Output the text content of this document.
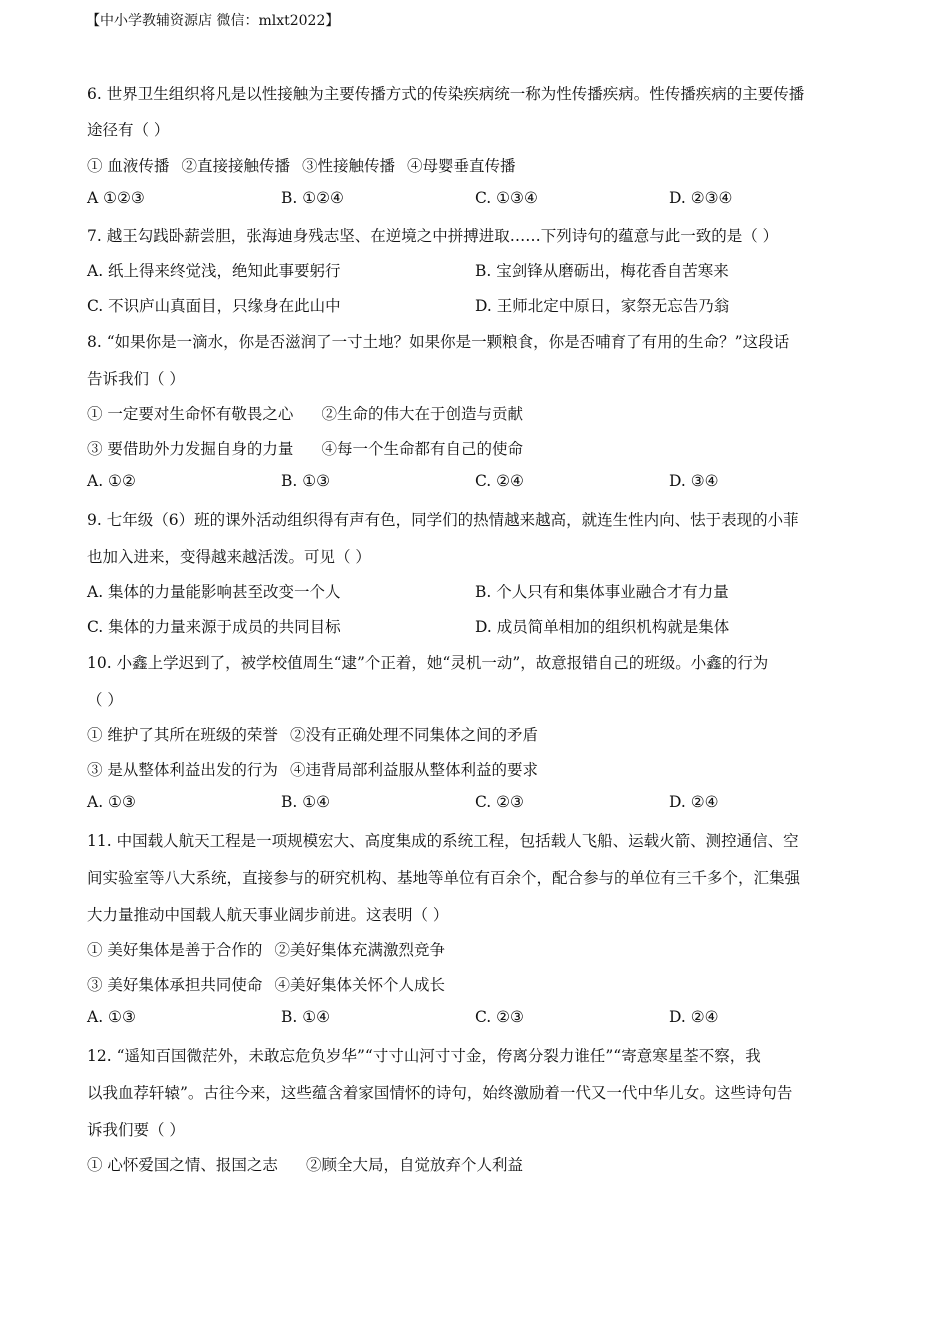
【中小学教辅资源店 微信：mlxt2022】
6. 世界卫生组织将凡是以性接触为主要传播方式的传染疾病统一称为性传播疾病。性传播疾病的主要传播
途径有（ ）
① 血液传播 ②直接接触传播 ③性接触传播 ④母婴垂直传播
A ①②③	B. ①②④	C. ①③④	D. ②③④
7. 越王勾践卧薪尝胆，张海迪身残志坚、在逆境之中拼搏进取……下列诗句的蕴意与此一致的是（ ）
A. 纸上得来终觉浅，绝知此事要躬行	B. 宝剑锋从磨砺出，梅花香自苦寒来
C. 不识庐山真面目，只缘身在此山中	D. 王师北定中原日，家祭无忘告乃翁
8. “如果你是一滴水，你是否滋润了一寸土地？如果你是一颗粮食，你是否哺育了有用的生命？”这段话
告诉我们（ ）
① 一定要对生命怀有敬畏之心 ②生命的伟大在于创造与贡献
③ 要借助外力发掘自身的力量 ④每一个生命都有自己的使命
A. ①②	B. ①③	C. ②④	D. ③④
9. 七年级（6）班的课外活动组织得有声有色，同学们的热情越来越高，就连生性内向、怯于表现的小菲
也加入进来，变得越来越活泼。可见（ ）
A. 集体的力量能影响甚至改变一个人	B. 个人只有和集体事业融合才有力量
C. 集体的力量来源于成员的共同目标	D. 成员简单相加的组织机构就是集体
10. 小鑫上学迟到了，被学校值周生“逮”个正着，她“灵机一动”，故意报错自己的班级。小鑫的行为
（ ）
① 维护了其所在班级的荣誉 ②没有正确处理不同集体之间的矛盾
③ 是从整体利益出发的行为 ④违背局部利益服从整体利益的要求
A. ①③	B. ①④	C. ②③	D. ②④
11. 中国载人航天工程是一项规模宏大、高度集成的系统工程，包括载人飞船、运载火箭、测控通信、空
间实验室等八大系统，直接参与的研究机构、基地等单位有百余个，配合参与的单位有三千多个，汇集强
大力量推动中国载人航天事业阔步前进。这表明（ ）
① 美好集体是善于合作的 ②美好集体充满激烈竞争
③ 美好集体承担共同使命 ④美好集体关怀个人成长
A. ①③	B. ①④	C. ②③	D. ②④
12. “遥知百国微茫外，未敢忘危负岁华”“寸寸山河寸寸金，侉离分裂力谁任”“寄意寒星荃不察，我
以我血荐轩辕”。古往今来，这些蕴含着家国情怀的诗句，始终激励着一代又一代中华儿女。这些诗句告
诉我们要（ ）
① 心怀爱国之情、报国之志 ②顾全大局，自觉放弃个人利益
